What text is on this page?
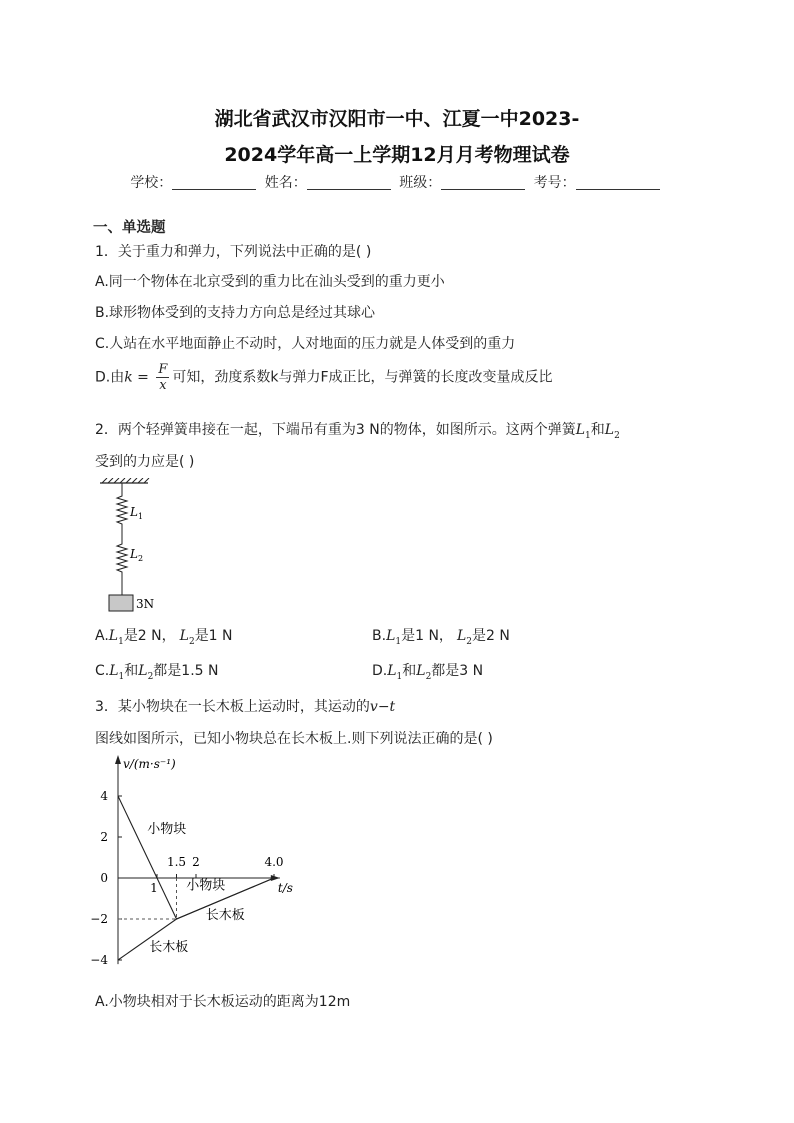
湖北省武汉市汉阳市一中、江夏一中2023-
2024学年高一上学期12月月考物理试卷
学校：	姓名：	班级：	考号：
一、单选题
1．关于重力和弹力，下列说法中正确的是( )
A.同一个物体在北京受到的重力比在汕头受到的重力更小
B.球形物体受到的支持力方向总是经过其球心
C.人站在水平地面静止不动时，人对地面的压力就是人体受到的重力
D.由$k = \frac{F}{x}$ 可知，劲度系数k与弹力F成正比，与弹簧的长度改变量成反比
2．两个轻弹簧串接在一起，下端吊有重为3 N的物体，如图所示。这两个弹簧$L_1$和$L_2$
受到的力应是( )
$L_1$
$L_2$
3N
$A.L_1$是2 N， $L_2$是1 N	$B.L_1$是1 N， $L_2$是2 N
$C.L_1$和$L_2$都是1.5 N	$D.L_1$和$L_2$都是3 N
3．某小物块在一长木板上运动时，其运动的v−t
图线如图所示，已知小物块总在长木板上.则下列说法正确的是( )
v/(m·s⁻¹)
t/s
4
2
0
−2
−4
1
1.5 2	4.0
小物块
小物块
长木板
长木板
A.小物块相对于长木板运动的距离为12m
